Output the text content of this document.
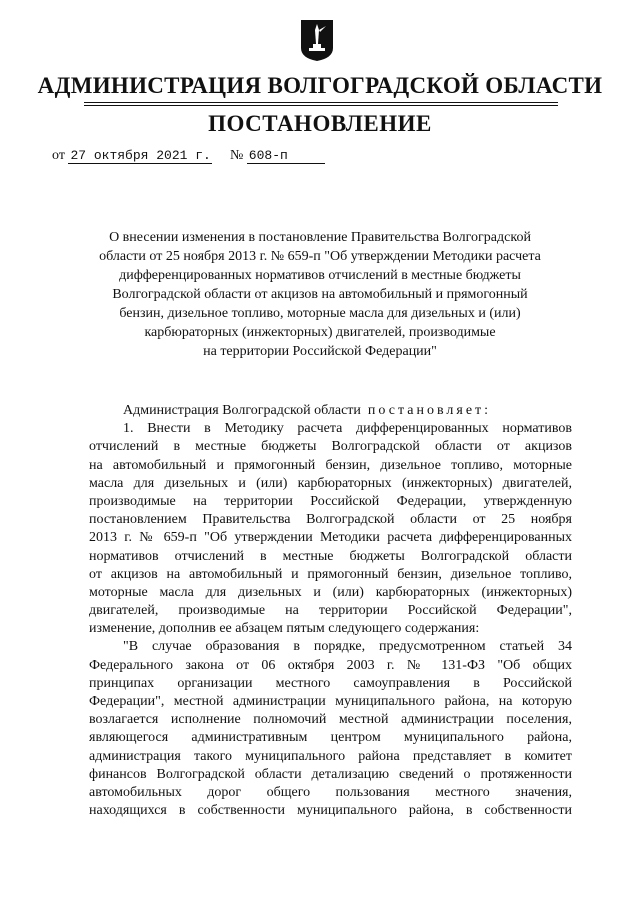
АДМИНИСТРАЦИЯ ВОЛГОГРАДСКОЙ ОБЛАСТИ
ПОСТАНОВЛЕНИЕ
от 27 октября 2021 г. № 608-п
О внесении изменения в постановление Правительства Волгоградской
области от 25 ноября 2013 г. № 659-п "Об утверждении Методики расчета
дифференцированных нормативов отчислений в местные бюджеты
Волгоградской области от акцизов на автомобильный и прямогонный
бензин, дизельное топливо, моторные масла для дизельных и (или)
карбюраторных (инжекторных) двигателей, производимые
на территории Российской Федерации"
Администрация Волгоградской области постановляет:
1. Внести в Методику расчета дифференцированных нормативов
отчислений в местные бюджеты Волгоградской области от акцизов
на автомобильный и прямогонный бензин, дизельное топливо, моторные
масла для дизельных и (или) карбюраторных (инжекторных) двигателей,
производимые на территории Российской Федерации, утвержденную
постановлением Правительства Волгоградской области от 25 ноября
2013 г. № 659-п "Об утверждении Методики расчета дифференцированных
нормативов отчислений в местные бюджеты Волгоградской области
от акцизов на автомобильный и прямогонный бензин, дизельное топливо,
моторные масла для дизельных и (или) карбюраторных (инжекторных)
двигателей, производимые на территории Российской Федерации",
изменение, дополнив ее абзацем пятым следующего содержания:
"В случае образования в порядке, предусмотренном статьей 34
Федерального закона от 06 октября 2003 г. № 131-ФЗ "Об общих
принципах организации местного самоуправления в Российской
Федерации", местной администрации муниципального района, на которую
возлагается исполнение полномочий местной администрации поселения,
являющегося административным центром муниципального района,
администрация такого муниципального района представляет в комитет
финансов Волгоградской области детализацию сведений о протяженности
автомобильных дорог общего пользования местного значения,
находящихся в собственности муниципального района, в собственности
